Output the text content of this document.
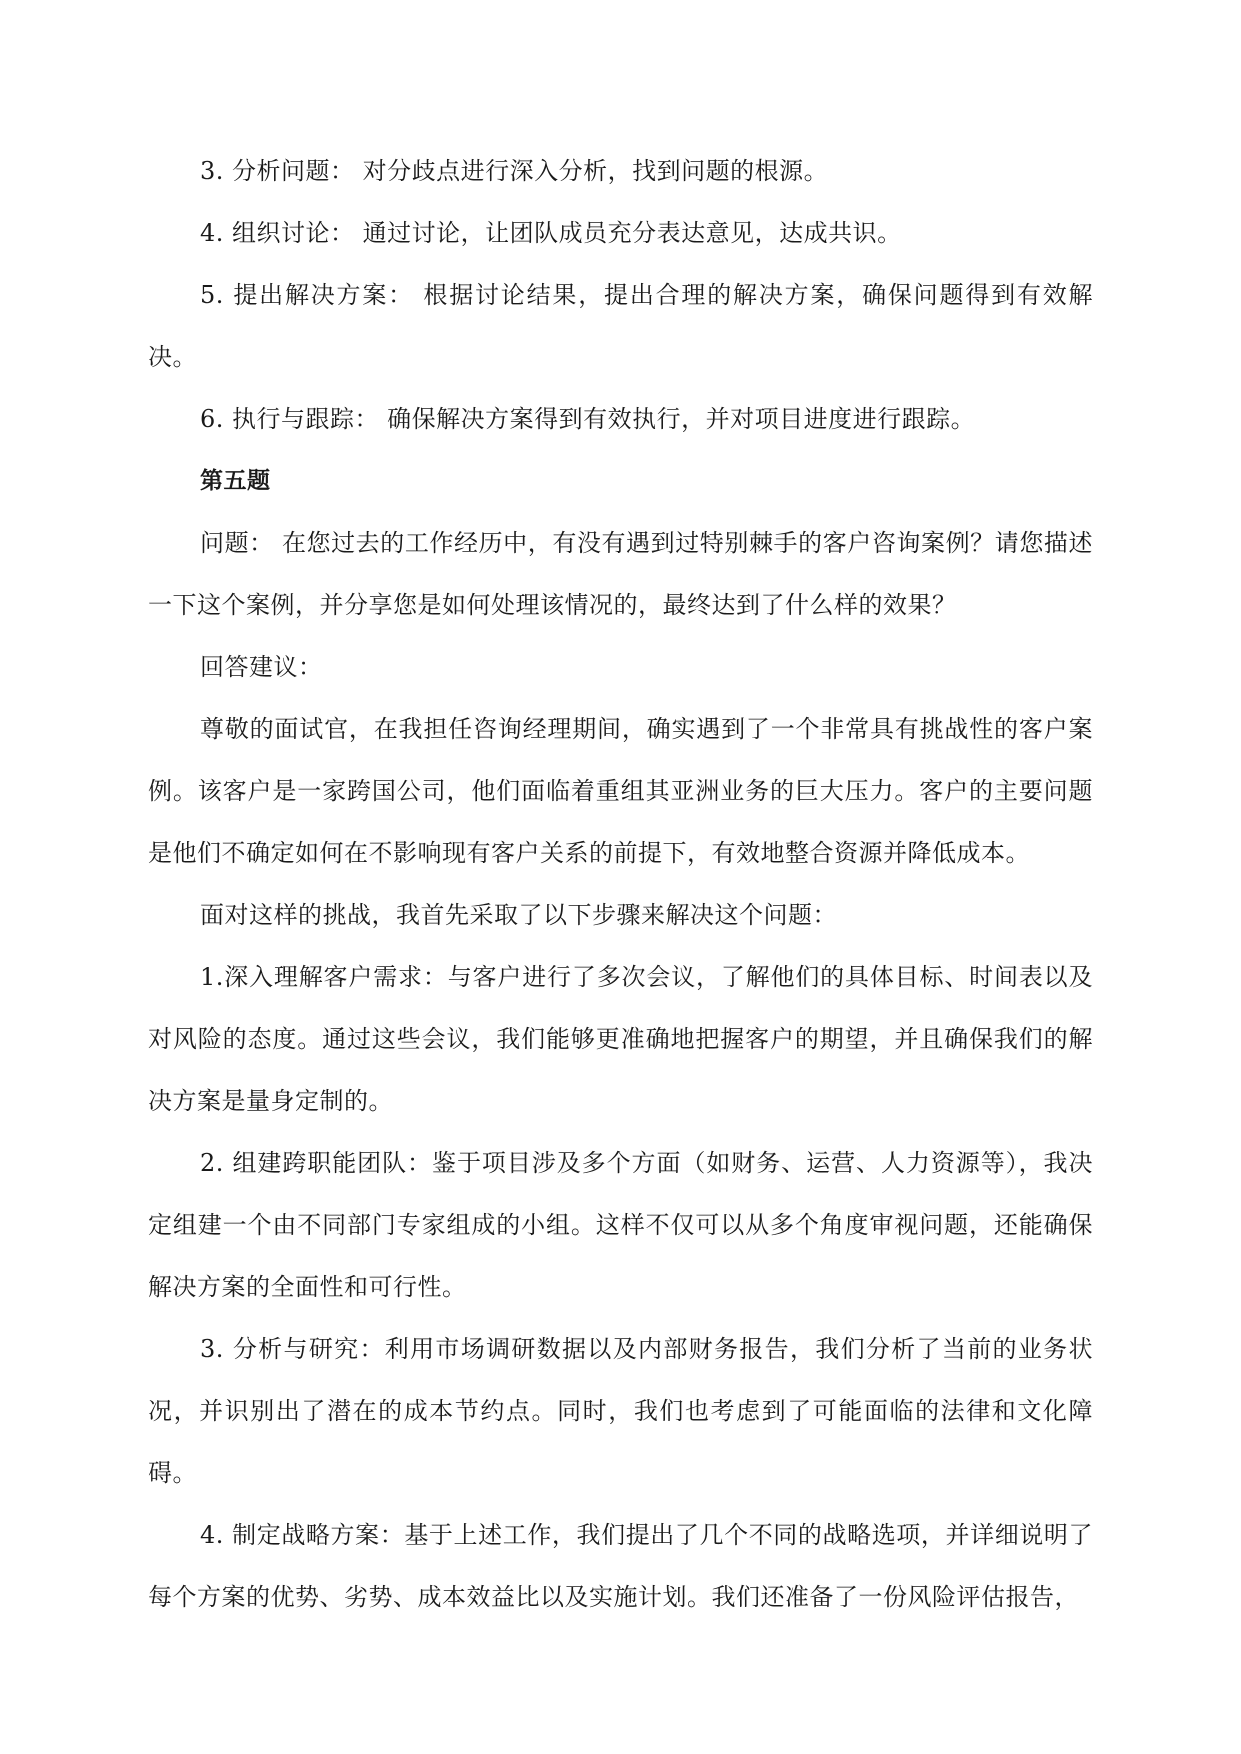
3. 分析问题： 对分歧点进行深入分析，找到问题的根源。

4. 组织讨论： 通过讨论，让团队成员充分表达意见，达成共识。

5. 提出解决方案： 根据讨论结果，提出合理的解决方案，确保问题得到有效解决。

6. 执行与跟踪： 确保解决方案得到有效执行，并对项目进度进行跟踪。

第五题

问题： 在您过去的工作经历中，有没有遇到过特别棘手的客户咨询案例？请您描述一下这个案例，并分享您是如何处理该情况的，最终达到了什么样的效果？

回答建议：

尊敬的面试官，在我担任咨询经理期间，确实遇到了一个非常具有挑战性的客户案例。该客户是一家跨国公司，他们面临着重组其亚洲业务的巨大压力。客户的主要问题是他们不确定如何在不影响现有客户关系的前提下，有效地整合资源并降低成本。

面对这样的挑战，我首先采取了以下步骤来解决这个问题：

1.深入理解客户需求：与客户进行了多次会议，了解他们的具体目标、时间表以及对风险的态度。通过这些会议，我们能够更准确地把握客户的期望，并且确保我们的解决方案是量身定制的。

2. 组建跨职能团队：鉴于项目涉及多个方面（如财务、运营、人力资源等），我决定组建一个由不同部门专家组成的小组。这样不仅可以从多个角度审视问题，还能确保解决方案的全面性和可行性。

3. 分析与研究：利用市场调研数据以及内部财务报告，我们分析了当前的业务状况，并识别出了潜在的成本节约点。同时，我们也考虑到了可能面临的法律和文化障碍。

4. 制定战略方案：基于上述工作，我们提出了几个不同的战略选项，并详细说明了每个方案的优势、劣势、成本效益比以及实施计划。我们还准备了一份风险评估报告，
